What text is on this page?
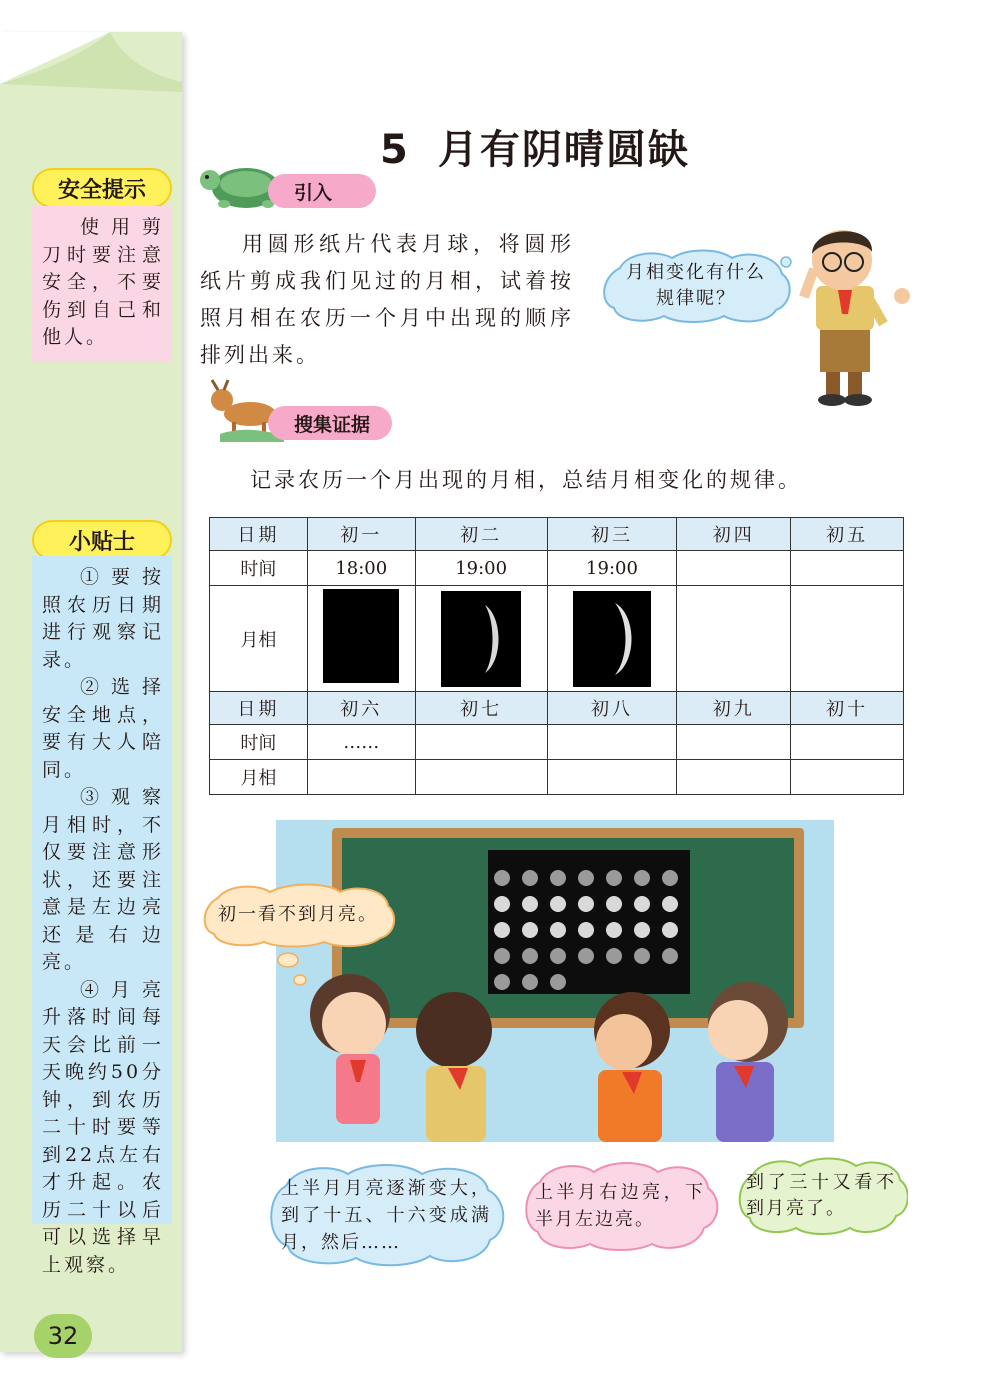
安全提示

使用剪刀时要注意安全，不要伤到自己和他人。

小贴士

①要按照农历日期进行观察记录。

②选择安全地点，要有大人陪同。

③观察月相时，不仅要注意形状，还要注意是左边亮还是右边亮。

④月亮升落时间每天会比前一天晚约50分钟，到农历二十时要等到22点左右才升起。农历二十以后可以选择早上观察。

32
5 月有阴晴圆缺
引入
用圆形纸片代表月球，将圆形纸片剪成我们见过的月相，试着按照月相在农历一个月中出现的顺序排列出来。
月相变化有什么规律呢？
搜集证据
记录农历一个月出现的月相，总结月相变化的规律。
日期	初一	初二	初三	初四	初五
时间	18:00	19:00	19:00		
月相					
日期	初六	初七	初八	初九	初十
时间	……				
月相					
初一看不到月亮。
上半月月亮逐渐变大，到了十五、十六变成满月，然后……
上半月右边亮，下半月左边亮。
到了三十又看不到月亮了。
